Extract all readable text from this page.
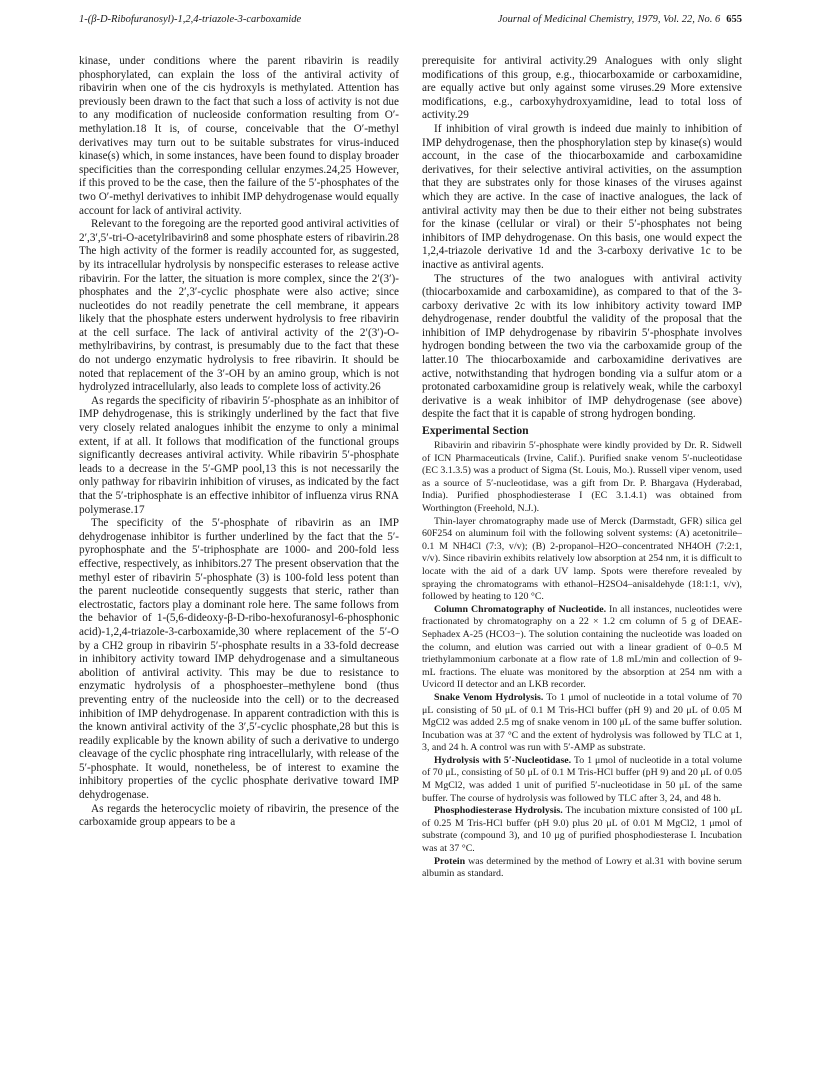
1-(β-D-Ribofuranosyl)-1,2,4-triazole-3-carboxamide	Journal of Medicinal Chemistry, 1979, Vol. 22, No. 6 655

kinase, under conditions where the parent ribavirin is readily phosphorylated, can explain the loss of the antiviral activity of ribavirin when one of the cis hydroxyls is methylated. Attention has previously been drawn to the fact that such a loss of activity is not due to any modification of nucleoside conformation resulting from O′-methylation.18 It is, of course, conceivable that the O′-methyl derivatives may turn out to be suitable substrates for virus-induced kinase(s) which, in some instances, have been found to display broader specificities than the corresponding cellular enzymes.24,25 However, if this proved to be the case, then the failure of the 5′-phosphates of the two O′-methyl derivatives to inhibit IMP dehydrogenase would equally account for lack of antiviral activity.

Relevant to the foregoing are the reported good antiviral activities of 2′,3′,5′-tri-O-acetylribavirin8 and some phosphate esters of ribavirin.28 The high activity of the former is readily accounted for, as suggested, by its intracellular hydrolysis by nonspecific esterases to release active ribavirin. For the latter, the situation is more complex, since the 2′(3′)-phosphates and the 2′,3′-cyclic phosphate were also active; since nucleotides do not readily penetrate the cell membrane, it appears likely that the phosphate esters underwent hydrolysis to free ribavirin at the cell surface. The lack of antiviral activity of the 2′(3′)-O-methylribavirins, by contrast, is presumably due to the fact that these do not undergo enzymatic hydrolysis to free ribavirin. It should be noted that replacement of the 3′-OH by an amino group, which is not hydrolyzed intracellularly, also leads to complete loss of activity.26

As regards the specificity of ribavirin 5′-phosphate as an inhibitor of IMP dehydrogenase, this is strikingly underlined by the fact that five very closely related analogues inhibit the enzyme to only a minimal extent, if at all. It follows that modification of the functional groups significantly decreases antiviral activity. While ribavirin 5′-phosphate leads to a decrease in the 5′-GMP pool,13 this is not necessarily the only pathway for ribavirin inhibition of viruses, as indicated by the fact that the 5′-triphosphate is an effective inhibitor of influenza virus RNA polymerase.17

The specificity of the 5′-phosphate of ribavirin as an IMP dehydrogenase inhibitor is further underlined by the fact that the 5′-pyrophosphate and the 5′-triphosphate are 1000- and 200-fold less effective, respectively, as inhibitors.27 The present observation that the methyl ester of ribavirin 5′-phosphate (3) is 100-fold less potent than the parent nucleotide consequently suggests that steric, rather than electrostatic, factors play a dominant role here. The same follows from the behavior of 1-(5,6-dideoxy-β-D-ribo-hexofuranosyl-6-phosphonic acid)-1,2,4-triazole-3-carboxamide,30 where replacement of the 5′-O by a CH2 group in ribavirin 5′-phosphate results in a 33-fold decrease in inhibitory activity toward IMP dehydrogenase and a simultaneous abolition of antiviral activity. This may be due to resistance to enzymatic hydrolysis of a phosphoester–methylene bond (thus preventing entry of the nucleoside into the cell) or to the decreased inhibition of IMP dehydrogenase. In apparent contradiction with this is the known antiviral activity of the 3′,5′-cyclic phosphate,28 but this is readily explicable by the known ability of such a derivative to undergo cleavage of the cyclic phosphate ring intracellularly, with release of the 5′-phosphate. It would, nonetheless, be of interest to examine the inhibitory properties of the cyclic phosphate derivative toward IMP dehydrogenase.

As regards the heterocyclic moiety of ribavirin, the presence of the carboxamide group appears to be a

prerequisite for antiviral activity.29 Analogues with only slight modifications of this group, e.g., thiocarboxamide or carboxamidine, are equally active but only against some viruses.29 More extensive modifications, e.g., carboxyhydroxyamidine, lead to total loss of activity.29

If inhibition of viral growth is indeed due mainly to inhibition of IMP dehydrogenase, then the phosphorylation step by kinase(s) would account, in the case of the thiocarboxamide and carboxamidine derivatives, for their selective antiviral activities, on the assumption that they are substrates only for those kinases of the viruses against which they are active. In the case of inactive analogues, the lack of antiviral activity may then be due to their either not being substrates for the kinase (cellular or viral) or their 5′-phosphates not being inhibitors of IMP dehydrogenase. On this basis, one would expect the 1,2,4-triazole derivative 1d and the 3-carboxy derivative 1c to be inactive as antiviral agents.

The structures of the two analogues with antiviral activity (thiocarboxamide and carboxamidine), as compared to that of the 3-carboxy derivative 2c with its low inhibitory activity toward IMP dehydrogenase, render doubtful the validity of the proposal that the inhibition of IMP dehydrogenase by ribavirin 5′-phosphate involves hydrogen bonding between the two via the carboxamide group of the latter.10 The thiocarboxamide and carboxamidine derivatives are active, notwithstanding that hydrogen bonding via a sulfur atom or a protonated carboxamidine group is relatively weak, while the carboxyl derivative is a weak inhibitor of IMP dehydrogenase (see above) despite the fact that it is capable of strong hydrogen bonding.

Experimental Section

Ribavirin and ribavirin 5′-phosphate were kindly provided by Dr. R. Sidwell of ICN Pharmaceuticals (Irvine, Calif.). Purified snake venom 5′-nucleotidase (EC 3.1.3.5) was a product of Sigma (St. Louis, Mo.). Russell viper venom, used as a source of 5′-nucleotidase, was a gift from Dr. P. Bhargava (Hyderabad, India). Purified phosphodiesterase I (EC 3.1.4.1) was obtained from Worthington (Freehold, N.J.).

Thin-layer chromatography made use of Merck (Darmstadt, GFR) silica gel 60F254 on aluminum foil with the following solvent systems: (A) acetonitrile–0.1 M NH4Cl (7:3, v/v); (B) 2-propanol–H2O–concentrated NH4OH (7:2:1, v/v). Since ribavirin exhibits relatively low absorption at 254 nm, it is difficult to locate with the aid of a dark UV lamp. Spots were therefore revealed by spraying the chromatograms with ethanol–H2SO4–anisaldehyde (18:1:1, v/v), followed by heating to 120 °C.

Column Chromatography of Nucleotide. In all instances, nucleotides were fractionated by chromatography on a 22 × 1.2 cm column of 5 g of DEAE-Sephadex A-25 (HCO3−). The solution containing the nucleotide was loaded on the column, and elution was carried out with a linear gradient of 0–0.5 M triethylammonium carbonate at a flow rate of 1.8 mL/min and collection of 9-mL fractions. The eluate was monitored by the absorption at 254 nm with a Uvicord II detector and an LKB recorder.

Snake Venom Hydrolysis. To 1 μmol of nucleotide in a total volume of 70 μL consisting of 50 μL of 0.1 M Tris-HCl buffer (pH 9) and 20 μL of 0.05 M MgCl2 was added 2.5 mg of snake venom in 100 μL of the same buffer solution. Incubation was at 37 °C and the extent of hydrolysis was followed by TLC at 1, 3, and 24 h. A control was run with 5′-AMP as substrate.

Hydrolysis with 5′-Nucleotidase. To 1 μmol of nucleotide in a total volume of 70 μL, consisting of 50 μL of 0.1 M Tris-HCl buffer (pH 9) and 20 μL of 0.05 M MgCl2, was added 1 unit of purified 5′-nucleotidase in 50 μL of the same buffer. The course of hydrolysis was followed by TLC after 3, 24, and 48 h.

Phosphodiesterase Hydrolysis. The incubation mixture consisted of 100 μL of 0.25 M Tris-HCl buffer (pH 9.0) plus 20 μL of 0.01 M MgCl2, 1 μmol of substrate (compound 3), and 10 μg of purified phosphodiesterase I. Incubation was at 37 °C.

Protein was determined by the method of Lowry et al.31 with bovine serum albumin as standard.
